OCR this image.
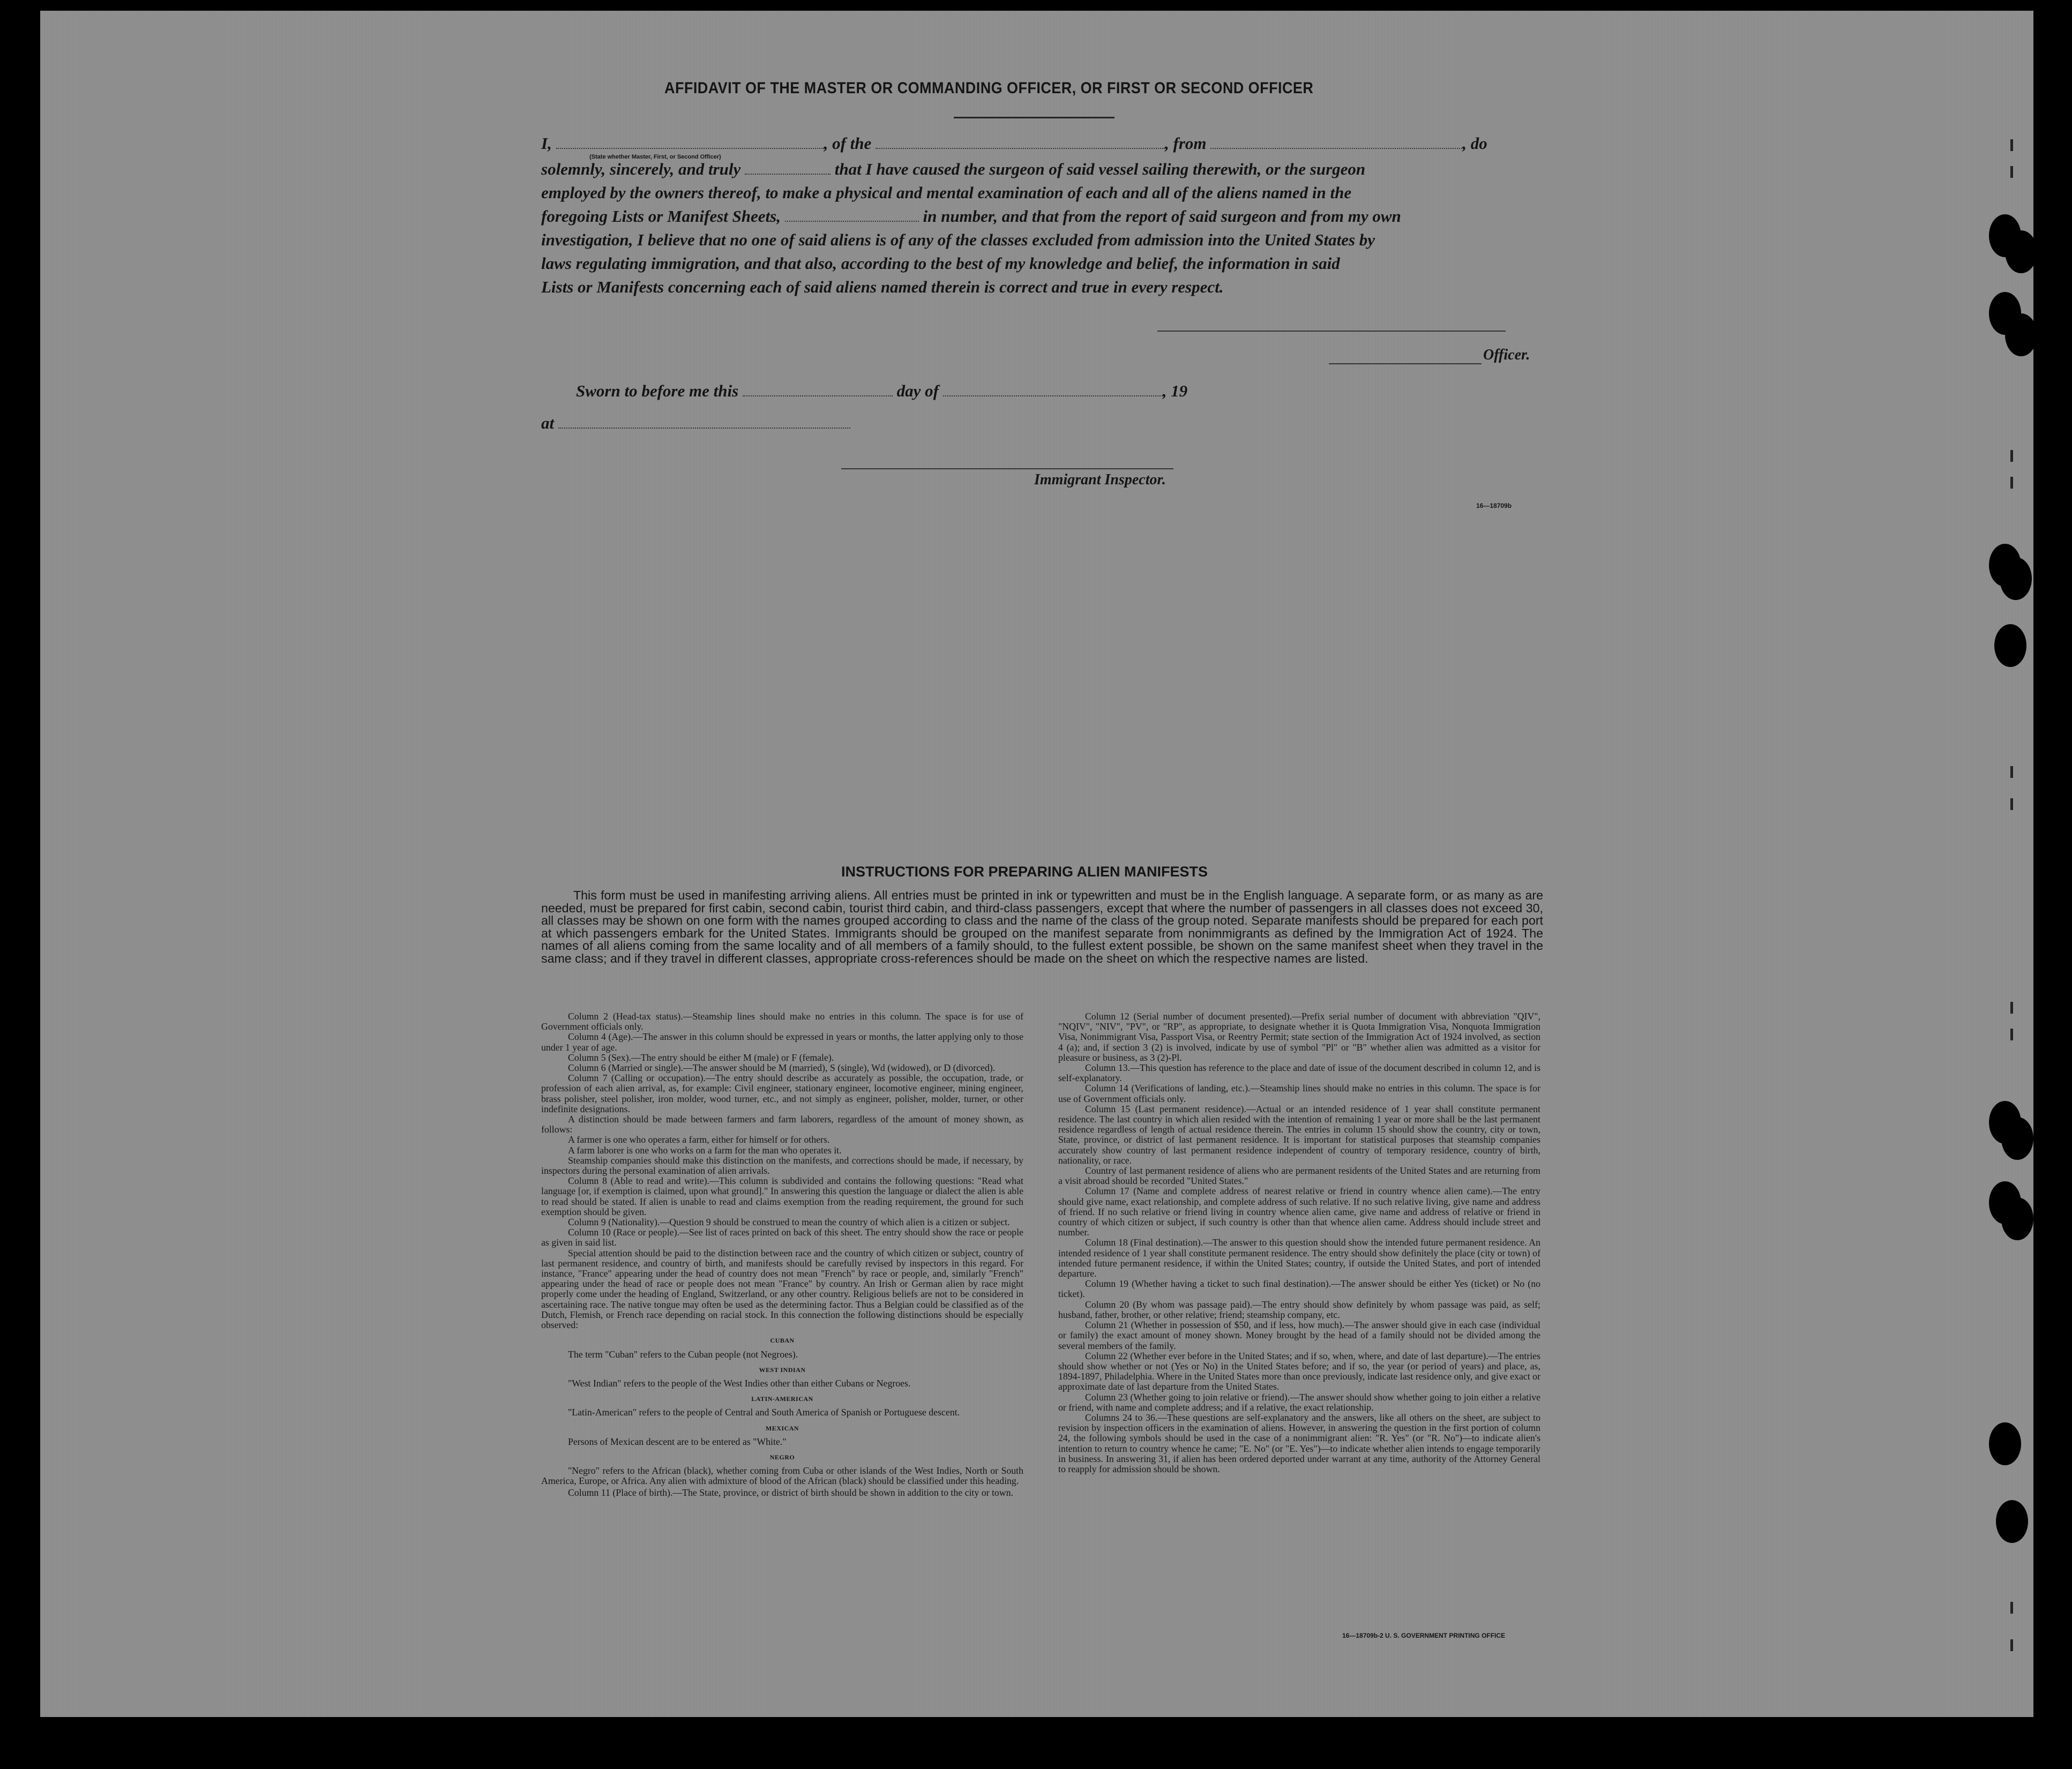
AFFIDAVIT OF THE MASTER OR COMMANDING OFFICER, OR FIRST OR SECOND OFFICER
I,	, of the	, from	, do
(State whether Master, First, or Second Officer)
solemnly, sincerely, and truly	that I have caused the surgeon of said vessel sailing therewith, or the surgeon
employed by the owners thereof, to make a physical and mental examination of each and all of the aliens named in the
foregoing Lists or Manifest Sheets,	in number, and that from the report of said surgeon and from my own
investigation, I believe that no one of said aliens is of any of the classes excluded from admission into the United States by
laws regulating immigration, and that also, according to the best of my knowledge and belief, the information in said
Lists or Manifests concerning each of said aliens named therein is correct and true in every respect.
Officer.
Sworn to before me this	day of	, 19
at
Immigrant Inspector.
16—18709b
INSTRUCTIONS FOR PREPARING ALIEN MANIFESTS
This form must be used in manifesting arriving aliens. All entries must be printed in ink or typewritten and must be in the English language. A separate form, or as many as are needed, must be prepared for first cabin, second cabin, tourist third cabin, and third-class passengers, except that where the number of passengers in all classes does not exceed 30, all classes may be shown on one form with the names grouped according to class and the name of the class of the group noted. Separate manifests should be prepared for each port at which passengers embark for the United States. Immigrants should be grouped on the manifest separate from nonimmigrants as defined by the Immigration Act of 1924. The names of all aliens coming from the same locality and of all members of a family should, to the fullest extent possible, be shown on the same manifest sheet when they travel in the same class; and if they travel in different classes, appropriate cross-references should be made on the sheet on which the respective names are listed.

Column 2 (Head-tax status).—Steamship lines should make no entries in this column. The space is for use of Government officials only.

Column 4 (Age).—The answer in this column should be expressed in years or months, the latter applying only to those under 1 year of age.

Column 5 (Sex).—The entry should be either M (male) or F (female).

Column 6 (Married or single).—The answer should be M (married), S (single), Wd (widowed), or D (divorced).

Column 7 (Calling or occupation).—The entry should describe as accurately as possible, the occupation, trade, or profession of each alien arrival, as, for example: Civil engineer, stationary engineer, locomotive engineer, mining engineer, brass polisher, steel polisher, iron molder, wood turner, etc., and not simply as engineer, polisher, molder, turner, or other indefinite designations.

A distinction should be made between farmers and farm laborers, regardless of the amount of money shown, as follows:

A farmer is one who operates a farm, either for himself or for others.

A farm laborer is one who works on a farm for the man who operates it.

Steamship companies should make this distinction on the manifests, and corrections should be made, if necessary, by inspectors during the personal examination of alien arrivals.

Column 8 (Able to read and write).—This column is subdivided and contains the following questions: "Read what language [or, if exemption is claimed, upon what ground]." In answering this question the language or dialect the alien is able to read should be stated. If alien is unable to read and claims exemption from the reading requirement, the ground for such exemption should be given.

Column 9 (Nationality).—Question 9 should be construed to mean the country of which alien is a citizen or subject.

Column 10 (Race or people).—See list of races printed on back of this sheet. The entry should show the race or people as given in said list.

Special attention should be paid to the distinction between race and the country of which citizen or subject, country of last permanent residence, and country of birth, and manifests should be carefully revised by inspectors in this regard. For instance, "France" appearing under the head of country does not mean "French" by race or people, and, similarly "French" appearing under the head of race or people does not mean "France" by country. An Irish or German alien by race might properly come under the heading of England, Switzerland, or any other country. Religious beliefs are not to be considered in ascertaining race. The native tongue may often be used as the determining factor. Thus a Belgian could be classified as of the Dutch, Flemish, or French race depending on racial stock. In this connection the following distinctions should be especially observed:

CUBAN

The term "Cuban" refers to the Cuban people (not Negroes).

WEST INDIAN

"West Indian" refers to the people of the West Indies other than either Cubans or Negroes.

LATIN-AMERICAN

"Latin-American" refers to the people of Central and South America of Spanish or Portuguese descent.

MEXICAN

Persons of Mexican descent are to be entered as "White."

NEGRO

"Negro" refers to the African (black), whether coming from Cuba or other islands of the West Indies, North or South America, Europe, or Africa. Any alien with admixture of blood of the African (black) should be classified under this heading.

Column 11 (Place of birth).—The State, province, or district of birth should be shown in addition to the city or town.

Column 12 (Serial number of document presented).—Prefix serial number of document with abbreviation "QIV", "NQIV", "NIV", "PV", or "RP", as appropriate, to designate whether it is Quota Immigration Visa, Nonquota Immigration Visa, Nonimmigrant Visa, Passport Visa, or Reentry Permit; state section of the Immigration Act of 1924 involved, as section 4 (a); and, if section 3 (2) is involved, indicate by use of symbol "Pl" or "B" whether alien was admitted as a visitor for pleasure or business, as 3 (2)-Pl.

Column 13.—This question has reference to the place and date of issue of the document described in column 12, and is self-explanatory.

Column 14 (Verifications of landing, etc.).—Steamship lines should make no entries in this column. The space is for use of Government officials only.

Column 15 (Last permanent residence).—Actual or an intended residence of 1 year shall constitute permanent residence. The last country in which alien resided with the intention of remaining 1 year or more shall be the last permanent residence regardless of length of actual residence therein. The entries in column 15 should show the country, city or town, State, province, or district of last permanent residence. It is important for statistical purposes that steamship companies accurately show country of last permanent residence independent of country of temporary residence, country of birth, nationality, or race.

Country of last permanent residence of aliens who are permanent residents of the United States and are returning from a visit abroad should be recorded "United States."

Column 17 (Name and complete address of nearest relative or friend in country whence alien came).—The entry should give name, exact relationship, and complete address of such relative. If no such relative living, give name and address of friend. If no such relative or friend living in country whence alien came, give name and address of relative or friend in country of which citizen or subject, if such country is other than that whence alien came. Address should include street and number.

Column 18 (Final destination).—The answer to this question should show the intended future permanent residence. An intended residence of 1 year shall constitute permanent residence. The entry should show definitely the place (city or town) of intended future permanent residence, if within the United States; country, if outside the United States, and port of intended departure.

Column 19 (Whether having a ticket to such final destination).—The answer should be either Yes (ticket) or No (no ticket).

Column 20 (By whom was passage paid).—The entry should show definitely by whom passage was paid, as self; husband, father, brother, or other relative; friend; steamship company, etc.

Column 21 (Whether in possession of $50, and if less, how much).—The answer should give in each case (individual or family) the exact amount of money shown. Money brought by the head of a family should not be divided among the several members of the family.

Column 22 (Whether ever before in the United States; and if so, when, where, and date of last departure).—The entries should show whether or not (Yes or No) in the United States before; and if so, the year (or period of years) and place, as, 1894-1897, Philadelphia. Where in the United States more than once previously, indicate last residence only, and give exact or approximate date of last departure from the United States.

Column 23 (Whether going to join relative or friend).—The answer should show whether going to join either a relative or friend, with name and complete address; and if a relative, the exact relationship.

Columns 24 to 36.—These questions are self-explanatory and the answers, like all others on the sheet, are subject to revision by inspection officers in the examination of aliens. However, in answering the question in the first portion of column 24, the following symbols should be used in the case of a nonimmigrant alien: "R. Yes" (or "R. No")—to indicate alien's intention to return to country whence he came; "E. No" (or "E. Yes")—to indicate whether alien intends to engage temporarily in business. In answering 31, if alien has been ordered deported under warrant at any time, authority of the Attorney General to reapply for admission should be shown.

16—18709b-2 U. S. GOVERNMENT PRINTING OFFICE
